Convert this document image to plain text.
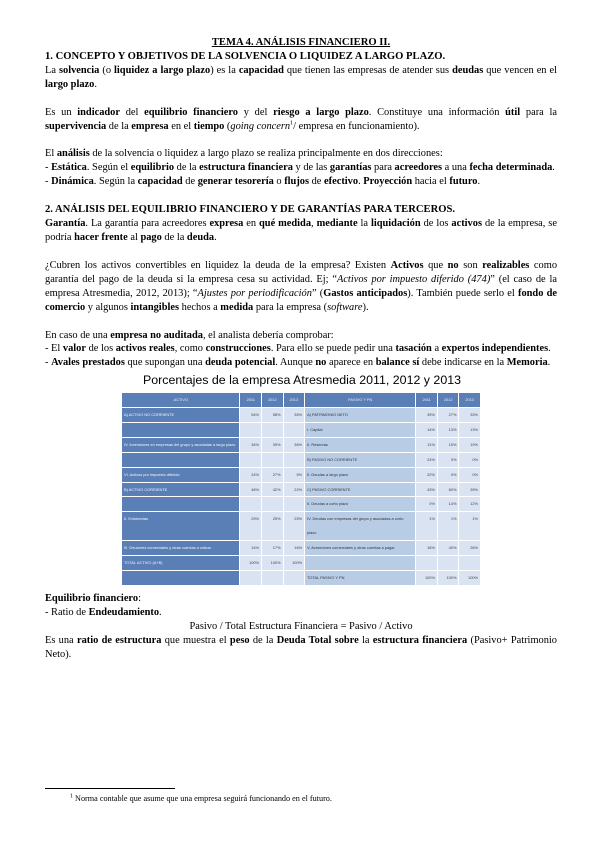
TEMA 4. ANÁLISIS FINANCIERO II.

1. CONCEPTO Y OBJETIVOS DE LA SOLVENCIA O LIQUIDEZ A LARGO PLAZO.

La solvencia (o liquidez a largo plazo) es la capacidad que tienen las empresas de atender sus deudas que vencen en el largo plazo.

Es un indicador del equilibrio financiero y del riesgo a largo plazo. Constituye una información útil para la supervivencia de la empresa en el tiempo (going concern$^1$/ empresa en funcionamiento).

El análisis de la solvencia o liquidez a largo plazo se realiza principalmente en dos direcciones:

- Estática. Según el equilibrio de la estructura financiera y de las garantías para acreedores a una fecha determinada.

- Dinámica. Según la capacidad de generar tesorería o flujos de efectivo. Proyección hacia el futuro.

2. ANÁLISIS DEL EQUILIBRIO FINANCIERO Y DE GARANTÍAS PARA TERCEROS.

Garantía. La garantía para acreedores expresa en qué medida, mediante la liquidación de los activos de la empresa, se podría hacer frente al pago de la deuda.

¿Cubren los activos convertibles en liquidez la deuda de la empresa? Existen Activos que no son realizables como garantía del pago de la deuda si la empresa cesa su actividad. Ej; “Activos por impuesto diferido (474)” (el caso de la empresa Atresmedia, 2012, 2013); “Ajustes por periodificación” (Gastos anticipados). También puede serlo el fondo de comercio y algunos intangibles hechos a medida para la empresa (software).

En caso de una empresa no auditada, el analista debería comprobar:

- El valor de los activos reales, como construcciones. Para ello se puede pedir una tasación a expertos independientes.

- Avales prestados que supongan una deuda potencial. Aunque no aparece en balance sí debe indicarse en la Memoria.

Porcentajes de la empresa Atresmedia 2011, 2012 y 2013

ACTIVO	2011	2012	2013	PASIVO Y PN	2011	2012	2013
A) ACTIVO NO CORRIENTE	54%	58%	35%	A) PATRIMONIO NETO	39%	27%	33%
				I. Capital	14%	13%	13%
IV. Inversiones en empresas del grupo y asociadas a largo plazo	34%	39%	36%	II. Reservas	11%	15%	19%
				B) PASIVO NO CORRIENTE	24%	0%	0%
VI. Activos por impuesto diferido	24%	27%	5%	II. Deudas a largo plazo	22%	0%	0%
B) ACTIVO CORRIENTE	46%	42%	22%	C) PASIVO CORRIENTE	43%	60%	39%
				II. Deudas a corto plazo	0%	14%	12%
II. Existencias	29%	25%	25%	IV. Deudas con empresas del grupo y asociadas a corto plazo	1%	1%	1%
III. Deudores comerciales y otras cuentas a cobrar	14%	17%	16%	V. Acreedores comerciales y otras cuentas a pagar	16%	40%	26%
TOTAL ACTIVO (A+B)	100%	100%	100%				
				TOTAL PASIVO Y PN	100%	100%	100%

Equilibrio financiero:

- Ratio de Endeudamiento.

Pasivo / Total Estructura Financiera = Pasivo / Activo

Es una ratio de estructura que muestra el peso de la Deuda Total sobre la estructura financiera (Pasivo+ Patrimonio Neto).

$^1$ Norma contable que asume que una empresa seguirá funcionando en el futuro.
